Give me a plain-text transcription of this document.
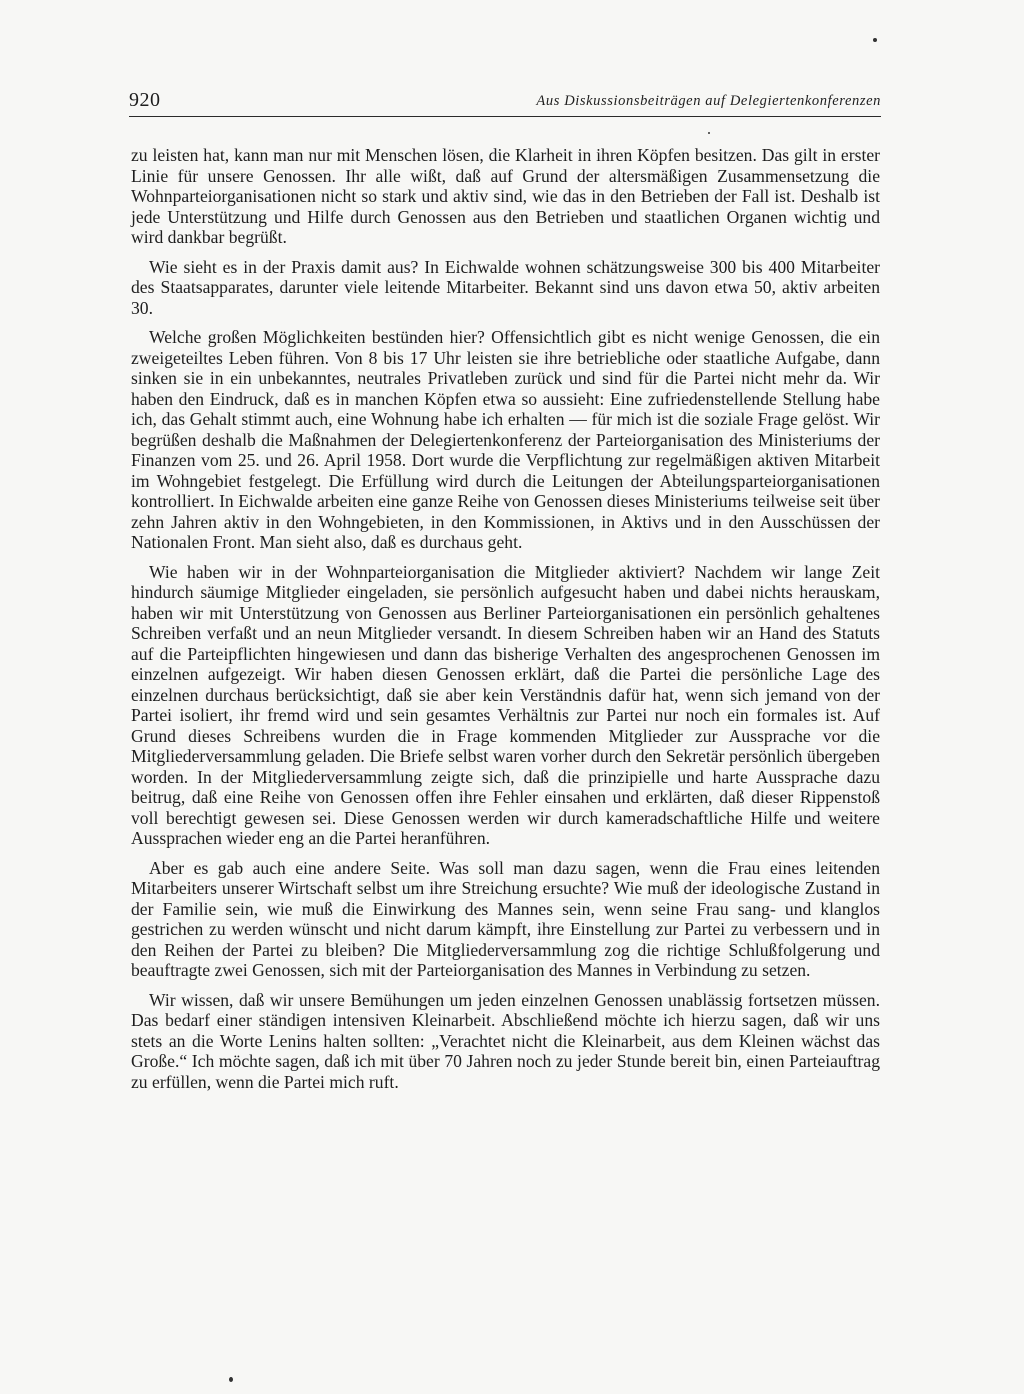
920	Aus Diskussionsbeiträgen auf Delegiertenkonferenzen

zu leisten hat, kann man nur mit Menschen lösen, die Klarheit in ihren Köpfen besitzen. Das gilt in erster Linie für unsere Genossen. Ihr alle wißt, daß auf Grund der altersmäßigen Zusammensetzung die Wohnparteiorganisationen nicht so stark und aktiv sind, wie das in den Betrieben der Fall ist. Deshalb ist jede Unterstützung und Hilfe durch Genossen aus den Betrieben und staatlichen Organen wichtig und wird dankbar begrüßt.

Wie sieht es in der Praxis damit aus? In Eichwalde wohnen schätzungsweise 300 bis 400 Mitarbeiter des Staatsapparates, darunter viele leitende Mitarbeiter. Bekannt sind uns davon etwa 50, aktiv arbeiten 30.

Welche großen Möglichkeiten bestünden hier? Offensichtlich gibt es nicht wenige Genossen, die ein zweigeteiltes Leben führen. Von 8 bis 17 Uhr leisten sie ihre betriebliche oder staatliche Aufgabe, dann sinken sie in ein unbekanntes, neutrales Privatleben zurück und sind für die Partei nicht mehr da. Wir haben den Eindruck, daß es in manchen Köpfen etwa so aussieht: Eine zufriedenstellende Stellung habe ich, das Gehalt stimmt auch, eine Wohnung habe ich erhalten — für mich ist die soziale Frage gelöst. Wir begrüßen deshalb die Maßnahmen der Delegiertenkonferenz der Parteiorganisation des Ministeriums der Finanzen vom 25. und 26. April 1958. Dort wurde die Verpflichtung zur regelmäßigen aktiven Mitarbeit im Wohngebiet festgelegt. Die Erfüllung wird durch die Leitungen der Abteilungsparteiorganisationen kontrolliert. In Eichwalde arbeiten eine ganze Reihe von Genossen dieses Ministeriums teilweise seit über zehn Jahren aktiv in den Wohngebieten, in den Kommissionen, in Aktivs und in den Ausschüssen der Nationalen Front. Man sieht also, daß es durchaus geht.

Wie haben wir in der Wohnparteiorganisation die Mitglieder aktiviert? Nachdem wir lange Zeit hindurch säumige Mitglieder eingeladen, sie persönlich aufgesucht haben und dabei nichts herauskam, haben wir mit Unterstützung von Genossen aus Berliner Parteiorganisationen ein persönlich gehaltenes Schreiben verfaßt und an neun Mitglieder versandt. In diesem Schreiben haben wir an Hand des Statuts auf die Parteipflichten hingewiesen und dann das bisherige Verhalten des angesprochenen Genossen im einzelnen aufgezeigt. Wir haben diesen Genossen erklärt, daß die Partei die persönliche Lage des einzelnen durchaus berücksichtigt, daß sie aber kein Verständnis dafür hat, wenn sich jemand von der Partei isoliert, ihr fremd wird und sein gesamtes Verhältnis zur Partei nur noch ein formales ist. Auf Grund dieses Schreibens wurden die in Frage kommenden Mitglieder zur Aussprache vor die Mitgliederversammlung geladen. Die Briefe selbst waren vorher durch den Sekretär persönlich übergeben worden. In der Mitgliederversammlung zeigte sich, daß die prinzipielle und harte Aussprache dazu beitrug, daß eine Reihe von Genossen offen ihre Fehler einsahen und erklärten, daß dieser Rippenstoß voll berechtigt gewesen sei. Diese Genossen werden wir durch kameradschaftliche Hilfe und weitere Aussprachen wieder eng an die Partei heranführen.

Aber es gab auch eine andere Seite. Was soll man dazu sagen, wenn die Frau eines leitenden Mitarbeiters unserer Wirtschaft selbst um ihre Streichung ersuchte? Wie muß der ideologische Zustand in der Familie sein, wie muß die Einwirkung des Mannes sein, wenn seine Frau sang- und klanglos gestrichen zu werden wünscht und nicht darum kämpft, ihre Einstellung zur Partei zu verbessern und in den Reihen der Partei zu bleiben? Die Mitgliederversammlung zog die richtige Schlußfolgerung und beauftragte zwei Genossen, sich mit der Parteiorganisation des Mannes in Verbindung zu setzen.

Wir wissen, daß wir unsere Bemühungen um jeden einzelnen Genossen unablässig fortsetzen müssen. Das bedarf einer ständigen intensiven Kleinarbeit. Abschließend möchte ich hierzu sagen, daß wir uns stets an die Worte Lenins halten sollten: „Verachtet nicht die Kleinarbeit, aus dem Kleinen wächst das Große.“ Ich möchte sagen, daß ich mit über 70 Jahren noch zu jeder Stunde bereit bin, einen Parteiauftrag zu erfüllen, wenn die Partei mich ruft.
